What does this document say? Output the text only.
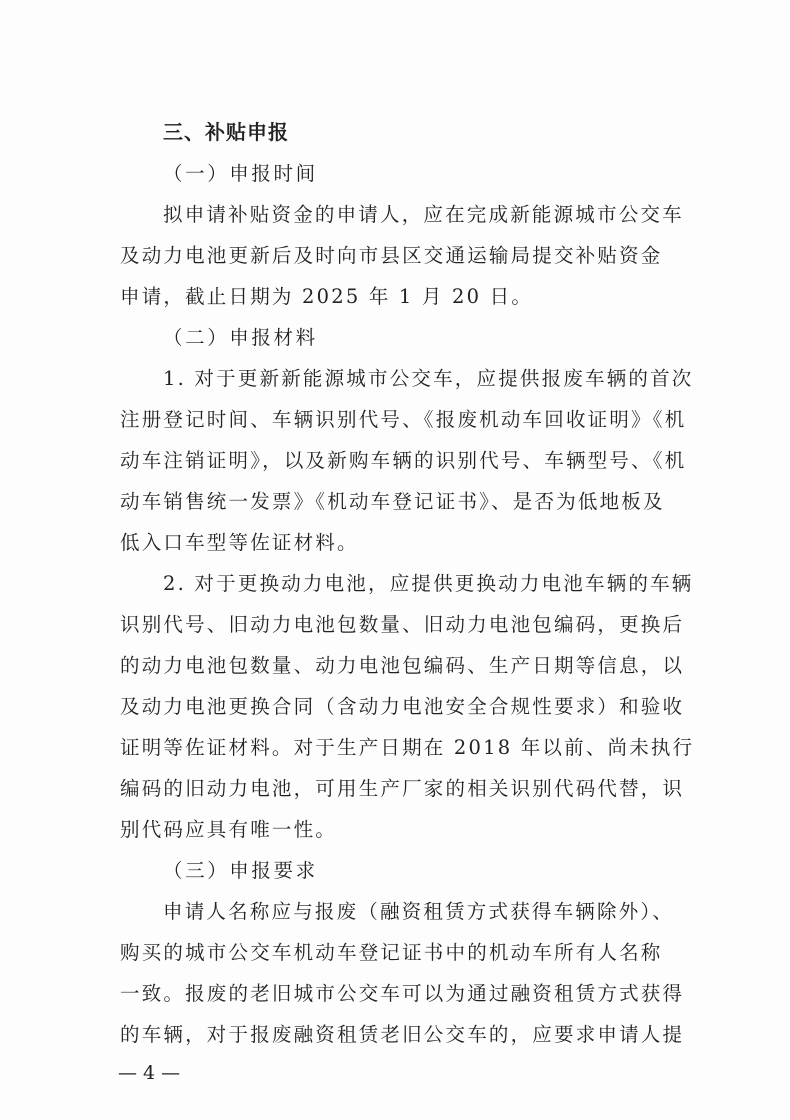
三、补贴申报
（一）申报时间
拟申请补贴资金的申请人，应在完成新能源城市公交车
及动力电池更新后及时向市县区交通运输局提交补贴资金
申请，截止日期为 2025 年 1 月 20 日。
（二）申报材料
1. 对于更新新能源城市公交车，应提供报废车辆的首次
注册登记时间、车辆识别代号、《报废机动车回收证明》《机
动车注销证明》，以及新购车辆的识别代号、车辆型号、《机
动车销售统一发票》《机动车登记证书》、是否为低地板及
低入口车型等佐证材料。
2. 对于更换动力电池，应提供更换动力电池车辆的车辆
识别代号、旧动力电池包数量、旧动力电池包编码，更换后
的动力电池包数量、动力电池包编码、生产日期等信息，以
及动力电池更换合同（含动力电池安全合规性要求）和验收
证明等佐证材料。对于生产日期在 2018 年以前、尚未执行
编码的旧动力电池，可用生产厂家的相关识别代码代替，识
别代码应具有唯一性。
（三）申报要求
申请人名称应与报废（融资租赁方式获得车辆除外）、
购买的城市公交车机动车登记证书中的机动车所有人名称
一致。报废的老旧城市公交车可以为通过融资租赁方式获得
的车辆，对于报废融资租赁老旧公交车的，应要求申请人提
— 4 —
